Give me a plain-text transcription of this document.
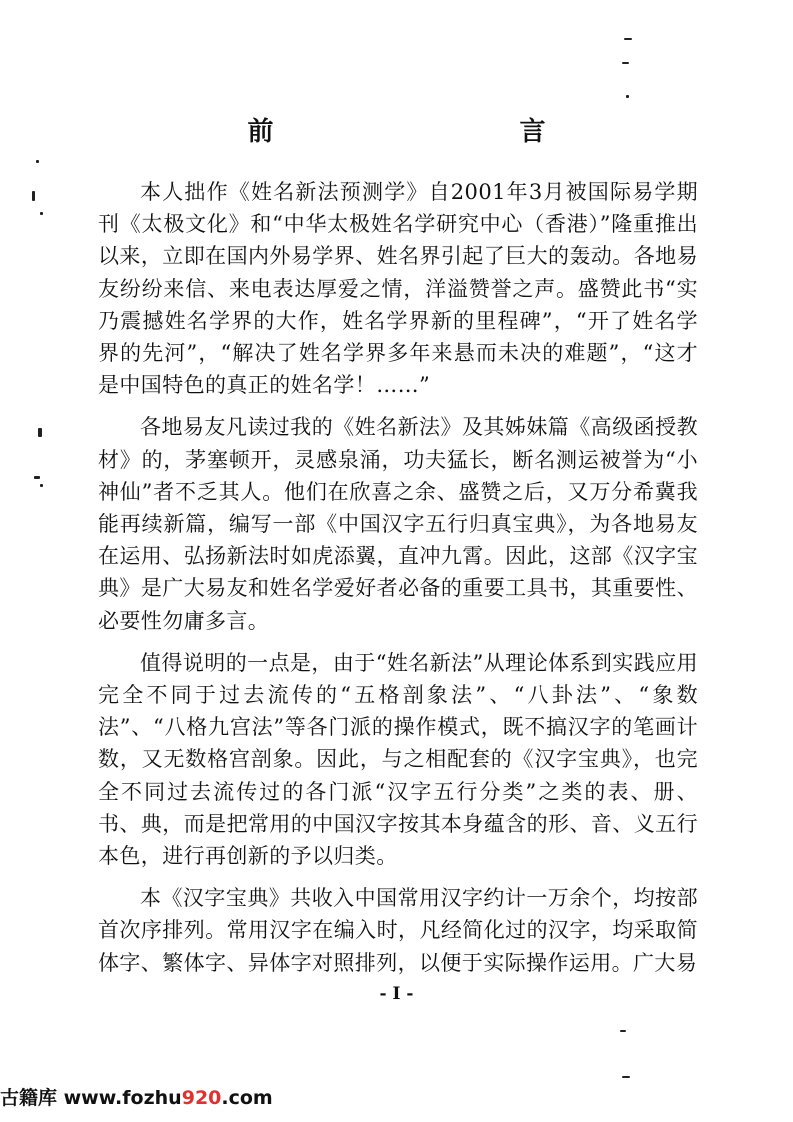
前　言

本人拙作《姓名新法预测学》自2001年3月被国际易学期刊《太极文化》和“中华太极姓名学研究中心（香港）”隆重推出以来，立即在国内外易学界、姓名界引起了巨大的轰动。各地易友纷纷来信、来电表达厚爱之情，洋溢赞誉之声。盛赞此书“实乃震撼姓名学界的大作，姓名学界新的里程碑”，“开了姓名学界的先河”，“解决了姓名学界多年来悬而未决的难题”，“这才是中国特色的真正的姓名学！……”

各地易友凡读过我的《姓名新法》及其姊妹篇《高级函授教材》的，茅塞顿开，灵感泉涌，功夫猛长，断名测运被誉为“小神仙”者不乏其人。他们在欣喜之余、盛赞之后，又万分希冀我能再续新篇，编写一部《中国汉字五行归真宝典》，为各地易友在运用、弘扬新法时如虎添翼，直冲九霄。因此，这部《汉字宝典》是广大易友和姓名学爱好者必备的重要工具书，其重要性、必要性勿庸多言。

值得说明的一点是，由于“姓名新法”从理论体系到实践应用完全不同于过去流传的“五格剖象法”、“八卦法”、“象数法”、“八格九宫法”等各门派的操作模式，既不搞汉字的笔画计数，又无数格宫剖象。因此，与之相配套的《汉字宝典》，也完全不同过去流传过的各门派“汉字五行分类”之类的表、册、书、典，而是把常用的中国汉字按其本身蕴含的形、音、义五行本色，进行再创新的予以归类。

本《汉字宝典》共收入中国常用汉字约计一万余个，均按部首次序排列。常用汉字在编入时，凡经简化过的汉字，均采取简体字、繁体字、异体字对照排列，以便于实际操作运用。广大易

- I -
古籍库 www.fozhu920.com
